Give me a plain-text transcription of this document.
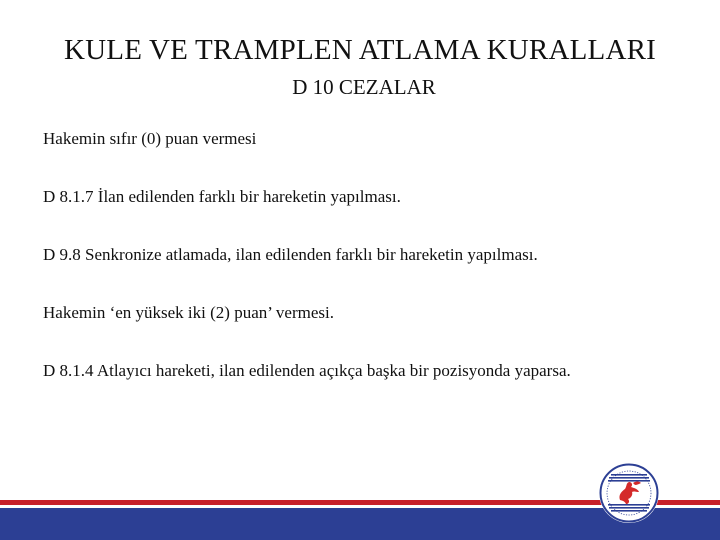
KULE VE TRAMPLEN ATLAMA KURALLARI
D 10 CEZALAR

Hakemin sıfır (0) puan vermesi

D 8.1.7 İlan edilenden farklı bir hareketin yapılması.

D 9.8 Senkronize atlamada, ilan edilenden farklı bir hareketin yapılması.

Hakemin ‘en yüksek iki (2) puan’ vermesi.

D 8.1.4 Atlayıcı hareketi, ilan edilenden açıkça başka bir pozisyonda yaparsa.
